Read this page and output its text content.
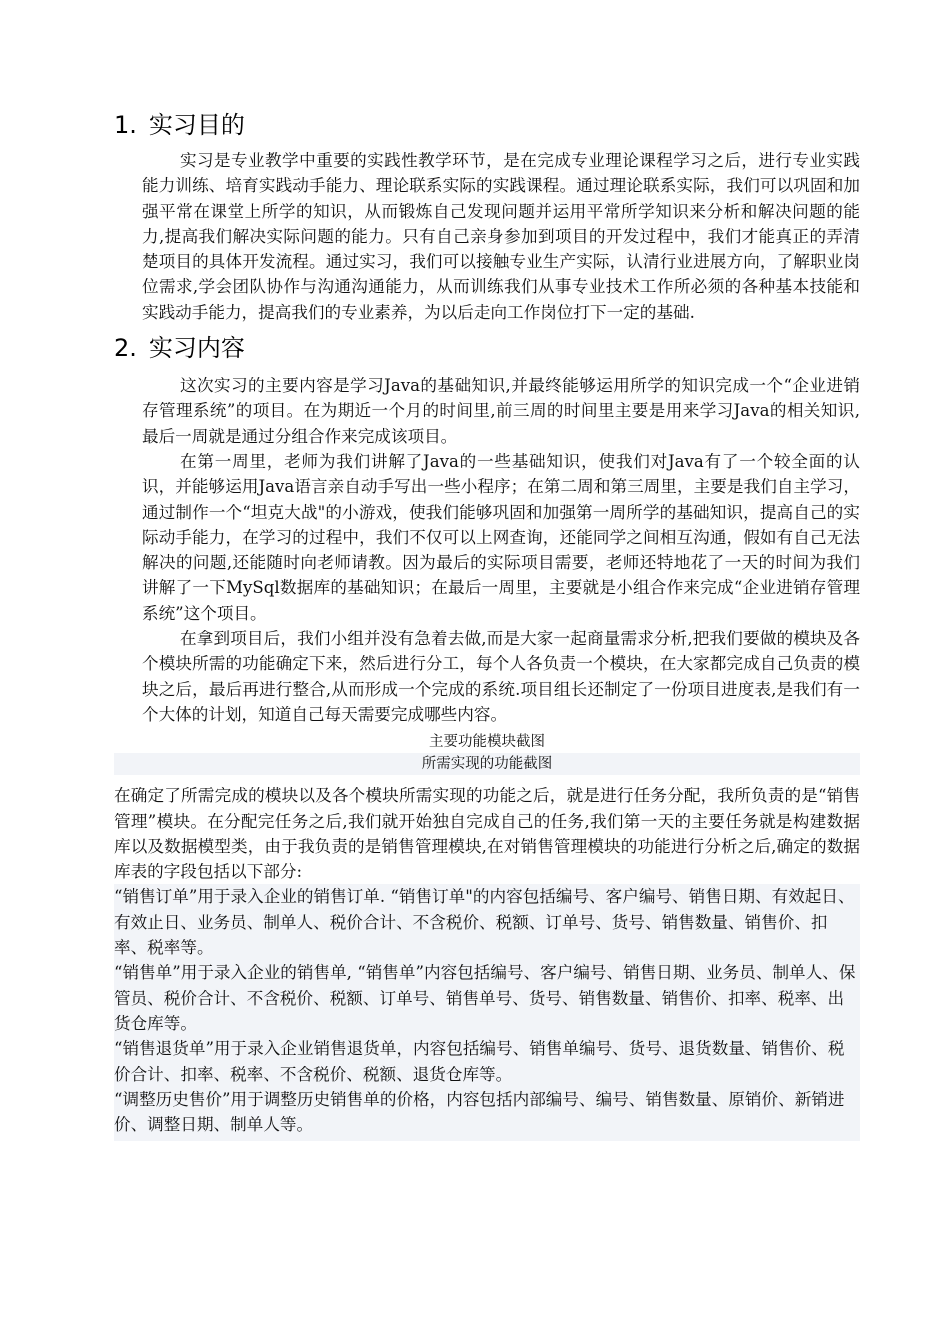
1. 实习目的

实习是专业教学中重要的实践性教学环节，是在完成专业理论课程学习之后，进行专业实践能力训练、培育实践动手能力、理论联系实际的实践课程。通过理论联系实际，我们可以巩固和加强平常在课堂上所学的知识，从而锻炼自己发现问题并运用平常所学知识来分析和解决问题的能力,提高我们解决实际问题的能力。只有自己亲身参加到项目的开发过程中，我们才能真正的弄清楚项目的具体开发流程。通过实习，我们可以接触专业生产实际，认清行业进展方向，了解职业岗位需求,学会团队协作与沟通沟通能力，从而训练我们从事专业技术工作所必须的各种基本技能和实践动手能力，提高我们的专业素养，为以后走向工作岗位打下一定的基础.

2. 实习内容

这次实习的主要内容是学习Java的基础知识,并最终能够运用所学的知识完成一个“企业进销存管理系统”的项目。在为期近一个月的时间里,前三周的时间里主要是用来学习Java的相关知识,最后一周就是通过分组合作来完成该项目。

在第一周里，老师为我们讲解了Java的一些基础知识，使我们对Java有了一个较全面的认识，并能够运用Java语言亲自动手写出一些小程序；在第二周和第三周里，主要是我们自主学习，通过制作一个“坦克大战"的小游戏，使我们能够巩固和加强第一周所学的基础知识，提高自己的实际动手能力，在学习的过程中，我们不仅可以上网查询，还能同学之间相互沟通，假如有自己无法解决的问题,还能随时向老师请教。因为最后的实际项目需要，老师还特地花了一天的时间为我们讲解了一下MySql数据库的基础知识；在最后一周里，主要就是小组合作来完成“企业进销存管理系统”这个项目。

在拿到项目后，我们小组并没有急着去做,而是大家一起商量需求分析,把我们要做的模块及各个模块所需的功能确定下来，然后进行分工，每个人各负责一个模块，在大家都完成自己负责的模块之后，最后再进行整合,从而形成一个完成的系统.项目组长还制定了一份项目进度表,是我们有一个大体的计划，知道自己每天需要完成哪些内容。

主要功能模块截图
所需实现的功能截图

在确定了所需完成的模块以及各个模块所需实现的功能之后，就是进行任务分配，我所负责的是“销售管理”模块。在分配完任务之后,我们就开始独自完成自己的任务,我们第一天的主要任务就是构建数据库以及数据模型类，由于我负责的是销售管理模块,在对销售管理模块的功能进行分析之后,确定的数据库表的字段包括以下部分:

“销售订单”用于录入企业的销售订单. “销售订单"的内容包括编号、客户编号、销售日期、有效起日、有效止日、业务员、制单人、税价合计、不含税价、税额、订单号、货号、销售数量、销售价、扣率、税率等。

“销售单”用于录入企业的销售单, “销售单”内容包括编号、客户编号、销售日期、业务员、制单人、保管员、税价合计、不含税价、税额、订单号、销售单号、货号、销售数量、销售价、扣率、税率、出货仓库等。

“销售退货单”用于录入企业销售退货单，内容包括编号、销售单编号、货号、退货数量、销售价、税价合计、扣率、税率、不含税价、税额、退货仓库等。

“调整历史售价”用于调整历史销售单的价格，内容包括内部编号、编号、销售数量、原销价、新销进价、调整日期、制单人等。
